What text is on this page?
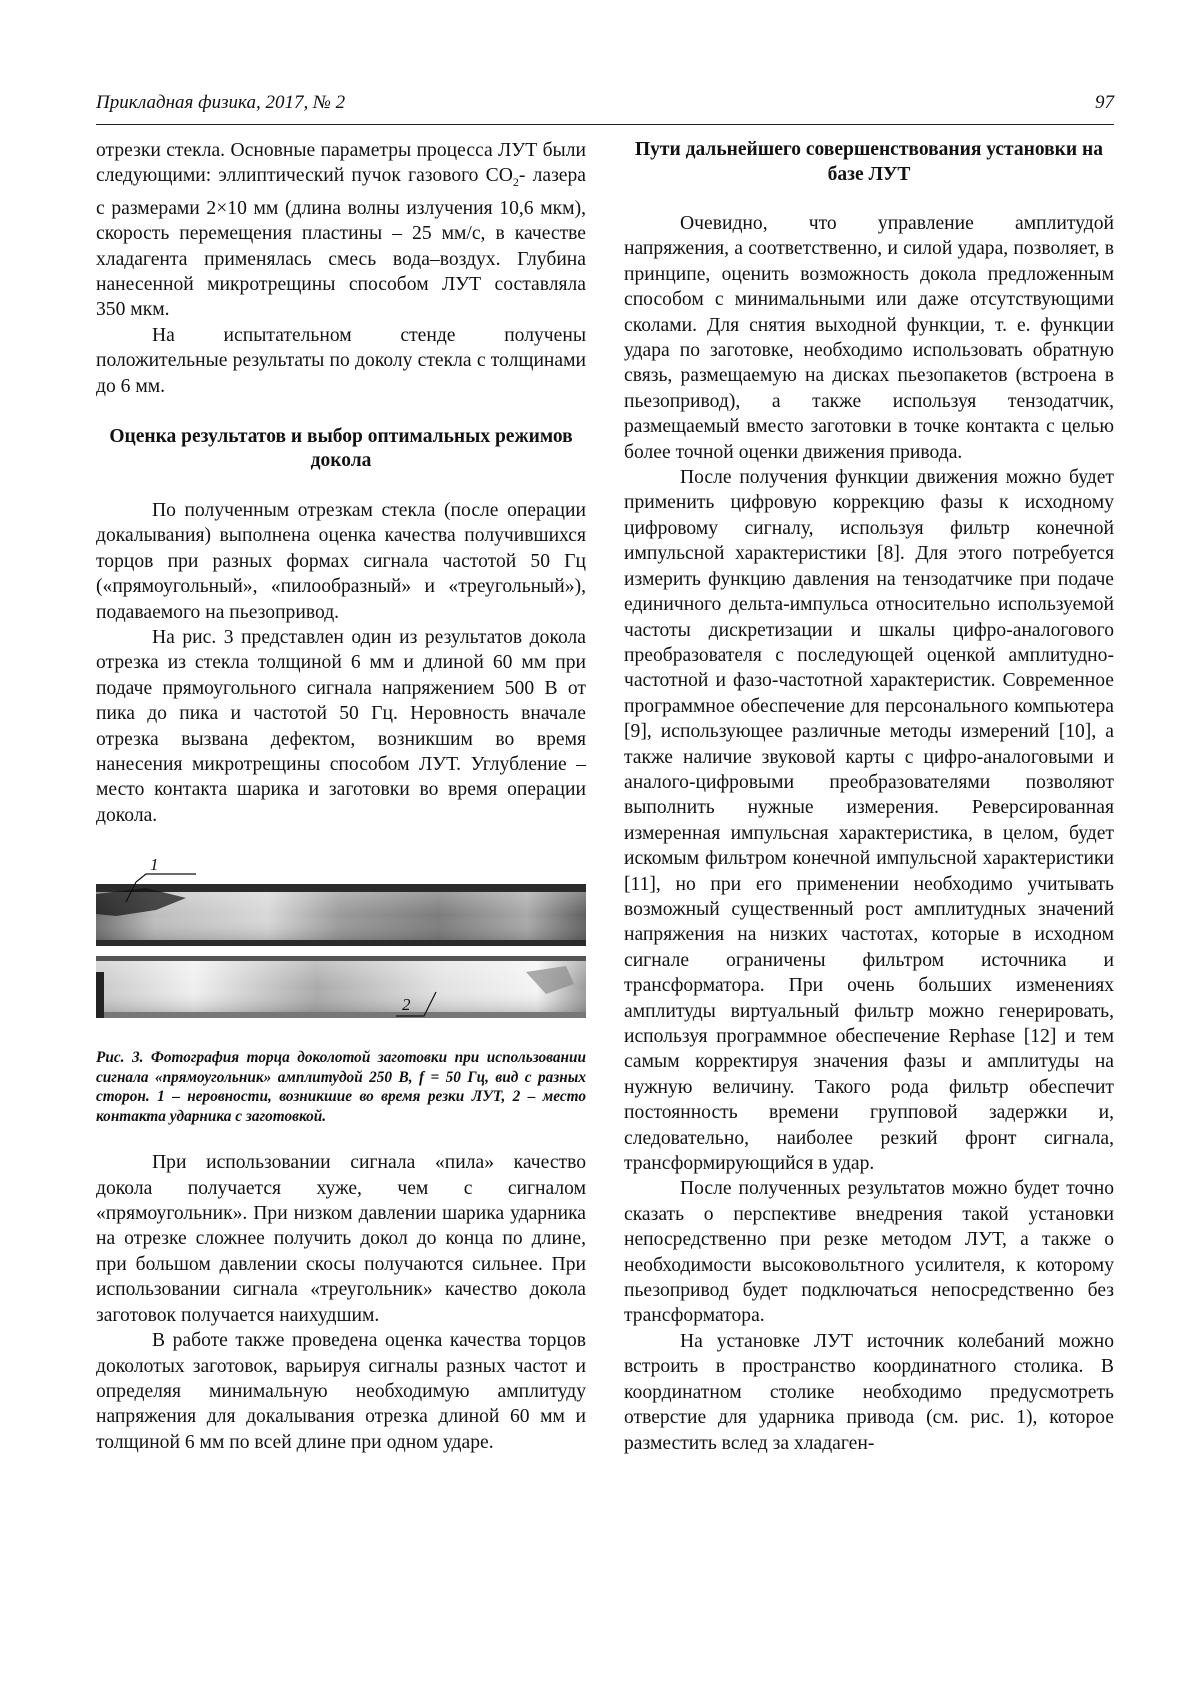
Прикладная физика, 2017, № 2	97

отрезки стекла. Основные параметры процесса ЛУТ были следующими: эллиптический пучок газового $СО_2-$ лазера с размерами 2×10 мм (длина волны излучения 10,6 мкм), скорость перемещения пластины – 25 мм/с, в качестве хладагента применялась смесь вода–воздух. Глубина нанесенной микротрещины способом ЛУТ составляла 350 мкм.

На испытательном стенде получены положительные результаты по доколу стекла с толщинами до 6 мм.

Оценка результатов и выбор оптимальных режимов докола

По полученным отрезкам стекла (после операции докалывания) выполнена оценка качества получившихся торцов при разных формах сигнала частотой 50 Гц («прямоугольный», «пилообразный» и «треугольный»), подаваемого на пьезопривод.

На рис. 3 представлен один из результатов докола отрезка из стекла толщиной 6 мм и длиной 60 мм при подаче прямоугольного сигнала напряжением 500 В от пика до пика и частотой 50 Гц. Неровность вначале отрезка вызвана дефектом, возникшим во время нанесения микротрещины способом ЛУТ. Углубление – место контакта шарика и заготовки во время операции докола.

1
2

Рис. 3. Фотография торца доколотой заготовки при использовании сигнала «прямоугольник» амплитудой 250 В, f = 50 Гц, вид с разных сторон. 1 – неровности, возникшие во время резки ЛУТ, 2 – место контакта ударника с заготовкой.

При использовании сигнала «пила» качество докола получается хуже, чем с сигналом «прямоугольник». При низком давлении шарика ударника на отрезке сложнее получить докол до конца по длине, при большом давлении скосы получаются сильнее. При использовании сигнала «треугольник» качество докола заготовок получается наихудшим.

В работе также проведена оценка качества торцов доколотых заготовок, варьируя сигналы разных частот и определяя минимальную необходимую амплитуду напряжения для докалывания отрезка длиной 60 мм и толщиной 6 мм по всей длине при одном ударе.

Пути дальнейшего совершенствования установки на базе ЛУТ

Очевидно, что управление амплитудой напряжения, а соответственно, и силой удара, позволяет, в принципе, оценить возможность докола предложенным способом с минимальными или даже отсутствующими сколами. Для снятия выходной функции, т. е. функции удара по заготовке, необходимо использовать обратную связь, размещаемую на дисках пьезопакетов (встроена в пьезопривод), а также используя тензодатчик, размещаемый вместо заготовки в точке контакта с целью более точной оценки движения привода.

После получения функции движения можно будет применить цифровую коррекцию фазы к исходному цифровому сигналу, используя фильтр конечной импульсной характеристики [8]. Для этого потребуется измерить функцию давления на тензодатчике при подаче единичного дельта-импульса относительно используемой частоты дискретизации и шкалы цифро-аналогового преобразователя с последующей оценкой амплитудно-частотной и фазо-частотной характеристик. Современное программное обеспечение для персонального компьютера [9], использующее различные методы измерений [10], а также наличие звуковой карты с цифро-аналоговыми и аналого-цифровыми преобразователями позволяют выполнить нужные измерения. Реверсированная измеренная импульсная характеристика, в целом, будет искомым фильтром конечной импульсной характеристики [11], но при его применении необходимо учитывать возможный существенный рост амплитудных значений напряжения на низких частотах, которые в исходном сигнале ограничены фильтром источника и трансформатора. При очень больших изменениях амплитуды виртуальный фильтр можно генерировать, используя программное обеспечение Rephase [12] и тем самым корректируя значения фазы и амплитуды на нужную величину. Такого рода фильтр обеспечит постоянность времени групповой задержки и, следовательно, наиболее резкий фронт сигнала, трансформирующийся в удар.

После полученных результатов можно будет точно сказать о перспективе внедрения такой установки непосредственно при резке методом ЛУТ, а также о необходимости высоковольтного усилителя, к которому пьезопривод будет подключаться непосредственно без трансформатора.

На установке ЛУТ источник колебаний можно встроить в пространство координатного столика. В координатном столике необходимо предусмотреть отверстие для ударника привода (см. рис. 1), которое разместить вслед за хладаген-
